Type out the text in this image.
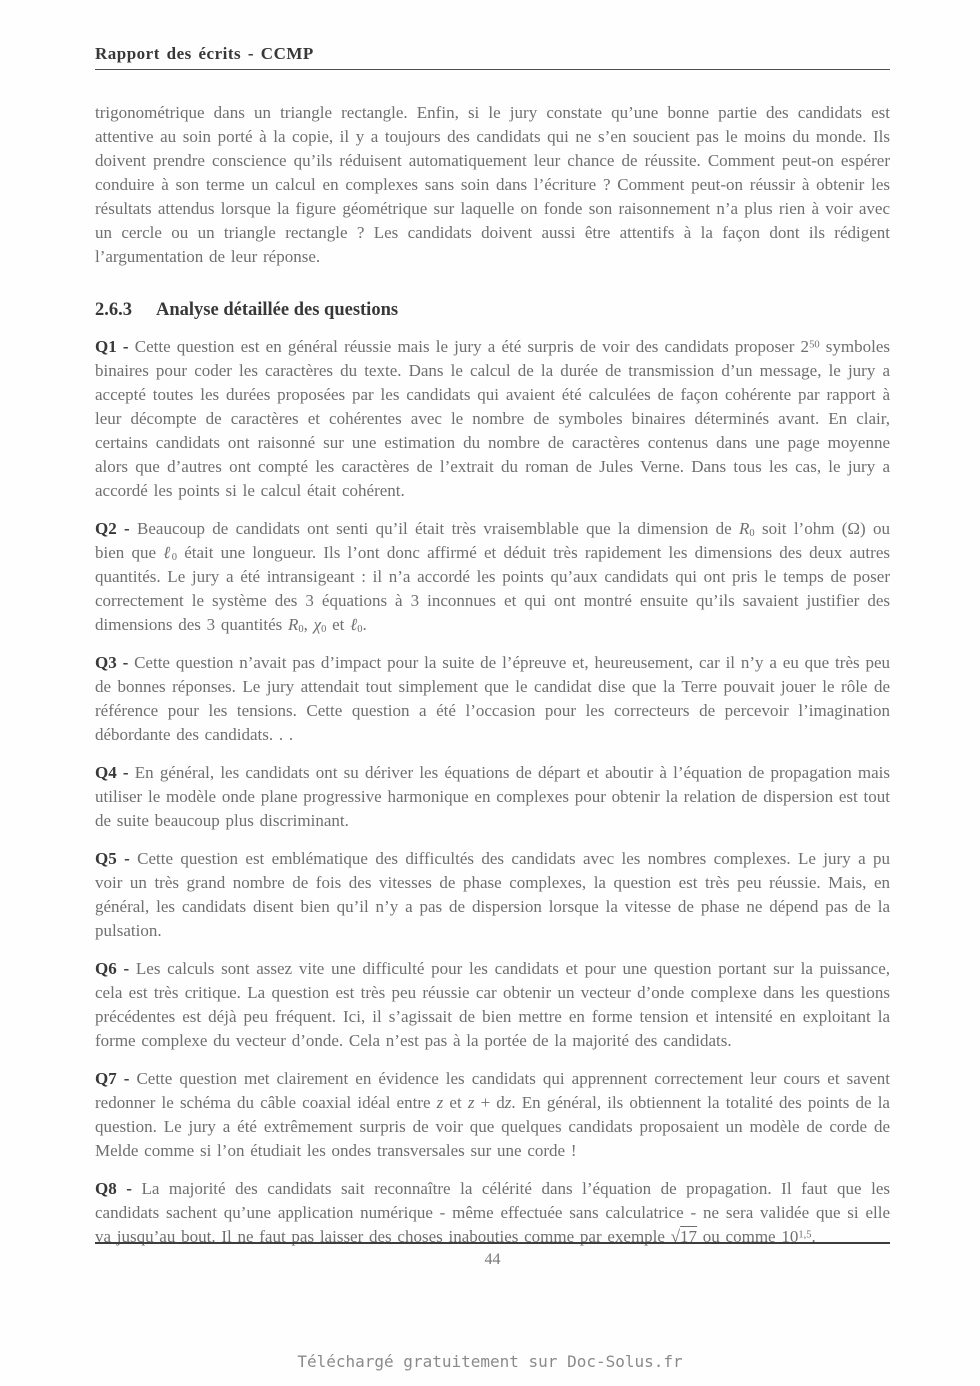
Rapport des écrits - CCMP

trigonométrique dans un triangle rectangle. Enfin, si le jury constate qu’une bonne partie des candidats est attentive au soin porté à la copie, il y a toujours des candidats qui ne s’en soucient pas le moins du monde. Ils doivent prendre conscience qu’ils réduisent automatiquement leur chance de réussite. Comment peut-on espérer conduire à son terme un calcul en complexes sans soin dans l’écriture ? Comment peut-on réussir à obtenir les résultats attendus lorsque la figure géométrique sur laquelle on fonde son raisonnement n’a plus rien à voir avec un cercle ou un triangle rectangle ? Les candidats doivent aussi être attentifs à la façon dont ils rédigent l’argumentation de leur réponse.

2.6.3 Analyse détaillée des questions

Q1 - Cette question est en général réussie mais le jury a été surpris de voir des candidats proposer $2^{50}$ symboles binaires pour coder les caractères du texte. Dans le calcul de la durée de transmission d’un message, le jury a accepté toutes les durées proposées par les candidats qui avaient été calculées de façon cohérente par rapport à leur décompte de caractères et cohérentes avec le nombre de symboles binaires déterminés avant. En clair, certains candidats ont raisonné sur une estimation du nombre de caractères contenus dans une page moyenne alors que d’autres ont compté les caractères de l’extrait du roman de Jules Verne. Dans tous les cas, le jury a accordé les points si le calcul était cohérent.

Q2 - Beaucoup de candidats ont senti qu’il était très vraisemblable que la dimension de $R_0$ soit l’ohm (Ω) ou bien que ℓ$_0$ était une longueur. Ils l’ont donc affirmé et déduit très rapidement les dimensions des deux autres quantités. Le jury a été intransigeant : il n’a accordé les points qu’aux candidats qui ont pris le temps de poser correctement le système des 3 équations à 3 inconnues et qui ont montré ensuite qu’ils savaient justifier des dimensions des 3 quantités $R_0$, $\chi_0$ et ℓ$_0$.

Q3 - Cette question n’avait pas d’impact pour la suite de l’épreuve et, heureusement, car il n’y a eu que très peu de bonnes réponses. Le jury attendait tout simplement que le candidat dise que la Terre pouvait jouer le rôle de référence pour les tensions. Cette question a été l’occasion pour les correcteurs de percevoir l’imagination débordante des candidats. . .

Q4 - En général, les candidats ont su dériver les équations de départ et aboutir à l’équation de propagation mais utiliser le modèle onde plane progressive harmonique en complexes pour obtenir la relation de dispersion est tout de suite beaucoup plus discriminant.

Q5 - Cette question est emblématique des difficultés des candidats avec les nombres complexes. Le jury a pu voir un très grand nombre de fois des vitesses de phase complexes, la question est très peu réussie. Mais, en général, les candidats disent bien qu’il n’y a pas de dispersion lorsque la vitesse de phase ne dépend pas de la pulsation.

Q6 - Les calculs sont assez vite une difficulté pour les candidats et pour une question portant sur la puissance, cela est très critique. La question est très peu réussie car obtenir un vecteur d’onde complexe dans les questions précédentes est déjà peu fréquent. Ici, il s’agissait de bien mettre en forme tension et intensité en exploitant la forme complexe du vecteur d’onde. Cela n’est pas à la portée de la majorité des candidats.

Q7 - Cette question met clairement en évidence les candidats qui apprennent correctement leur cours et savent redonner le schéma du câble coaxial idéal entre z et z + dz. En général, ils obtiennent la totalité des points de la question. Le jury a été extrêmement surpris de voir que quelques candidats proposaient un modèle de corde de Melde comme si l’on étudiait les ondes transversales sur une corde !

Q8 - La majorité des candidats sait reconnaître la célérité dans l’équation de propagation. Il faut que les candidats sachent qu’une application numérique - même effectuée sans calculatrice - ne sera validée que si elle va jusqu’au bout. Il ne faut pas laisser des choses inabouties comme par exemple √17 ou comme 10$^{1,5}$.

44
Téléchargé gratuitement sur Doc-Solus.fr
